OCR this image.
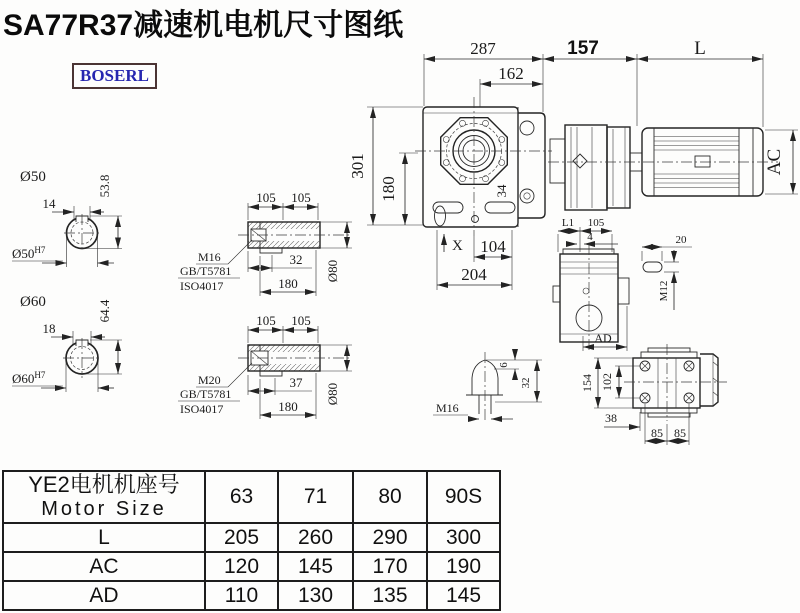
SA77R37减速机电机尺寸图纸
BOSERL
34
287
162
157	L
AC
301
180
X 104
204
Ø50
14
$Ø50^{H7}$
53.8
Ø60
18
$Ø60^{H7}$
64.4
105 105
M16
GB/T5781
ISO4017
32
180
Ø80
105 105
M20
GB/T5781
ISO4017
37
180
Ø80
L1 105
4
AD
20
M12
6
32
M16
154 102
38
85 85
YE2电机机座号
Motor Size	63	71	80	90S
L	205	260	290	300
AC	120	145	170	190
AD	110	130	135	145
